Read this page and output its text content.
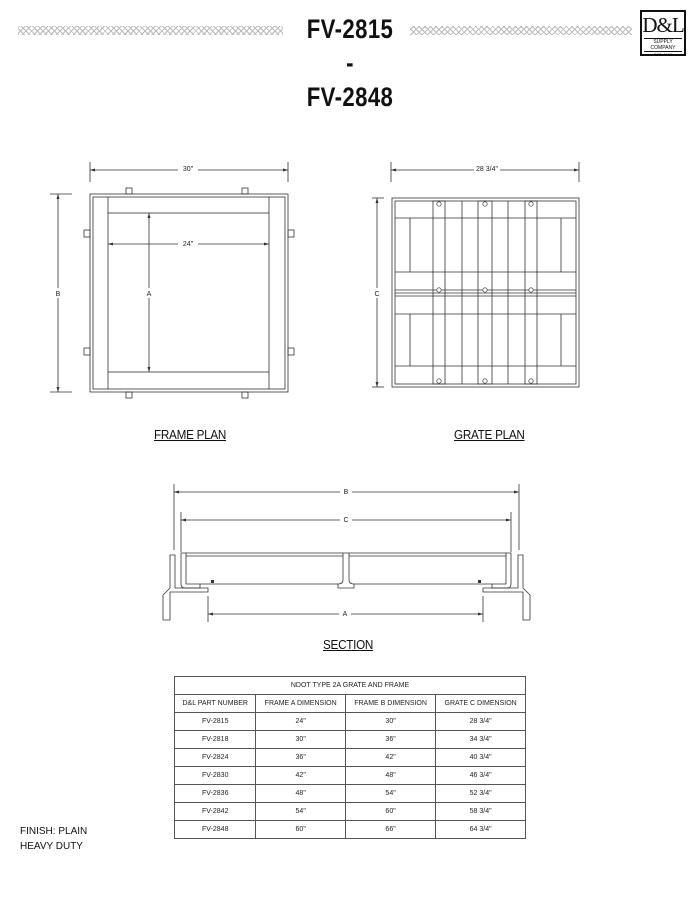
FV-2815
-
FV-2848
D&L
SUPPLY COMPANY
EST. 1980
30"
24"
A
B
FRAME PLAN
28 3/4"
C
GRATE PLAN
B
C
A
SECTION
NDOT TYPE 2A GRATE AND FRAME
D&L PART NUMBER	FRAME A DIMENSION	FRAME B DIMENSION	GRATE C DIMENSION
FV-2815	24"	30"	28 3/4"
FV-2818	30"	36"	34 3/4"
FV-2824	36"	42"	40 3/4"
FV-2830	42"	48"	46 3/4"
FV-2836	48"	54"	52 3/4"
FV-2842	54"	60"	58 3/4"
FV-2848	60"	66"	64 3/4"
FINISH: PLAIN
HEAVY DUTY
